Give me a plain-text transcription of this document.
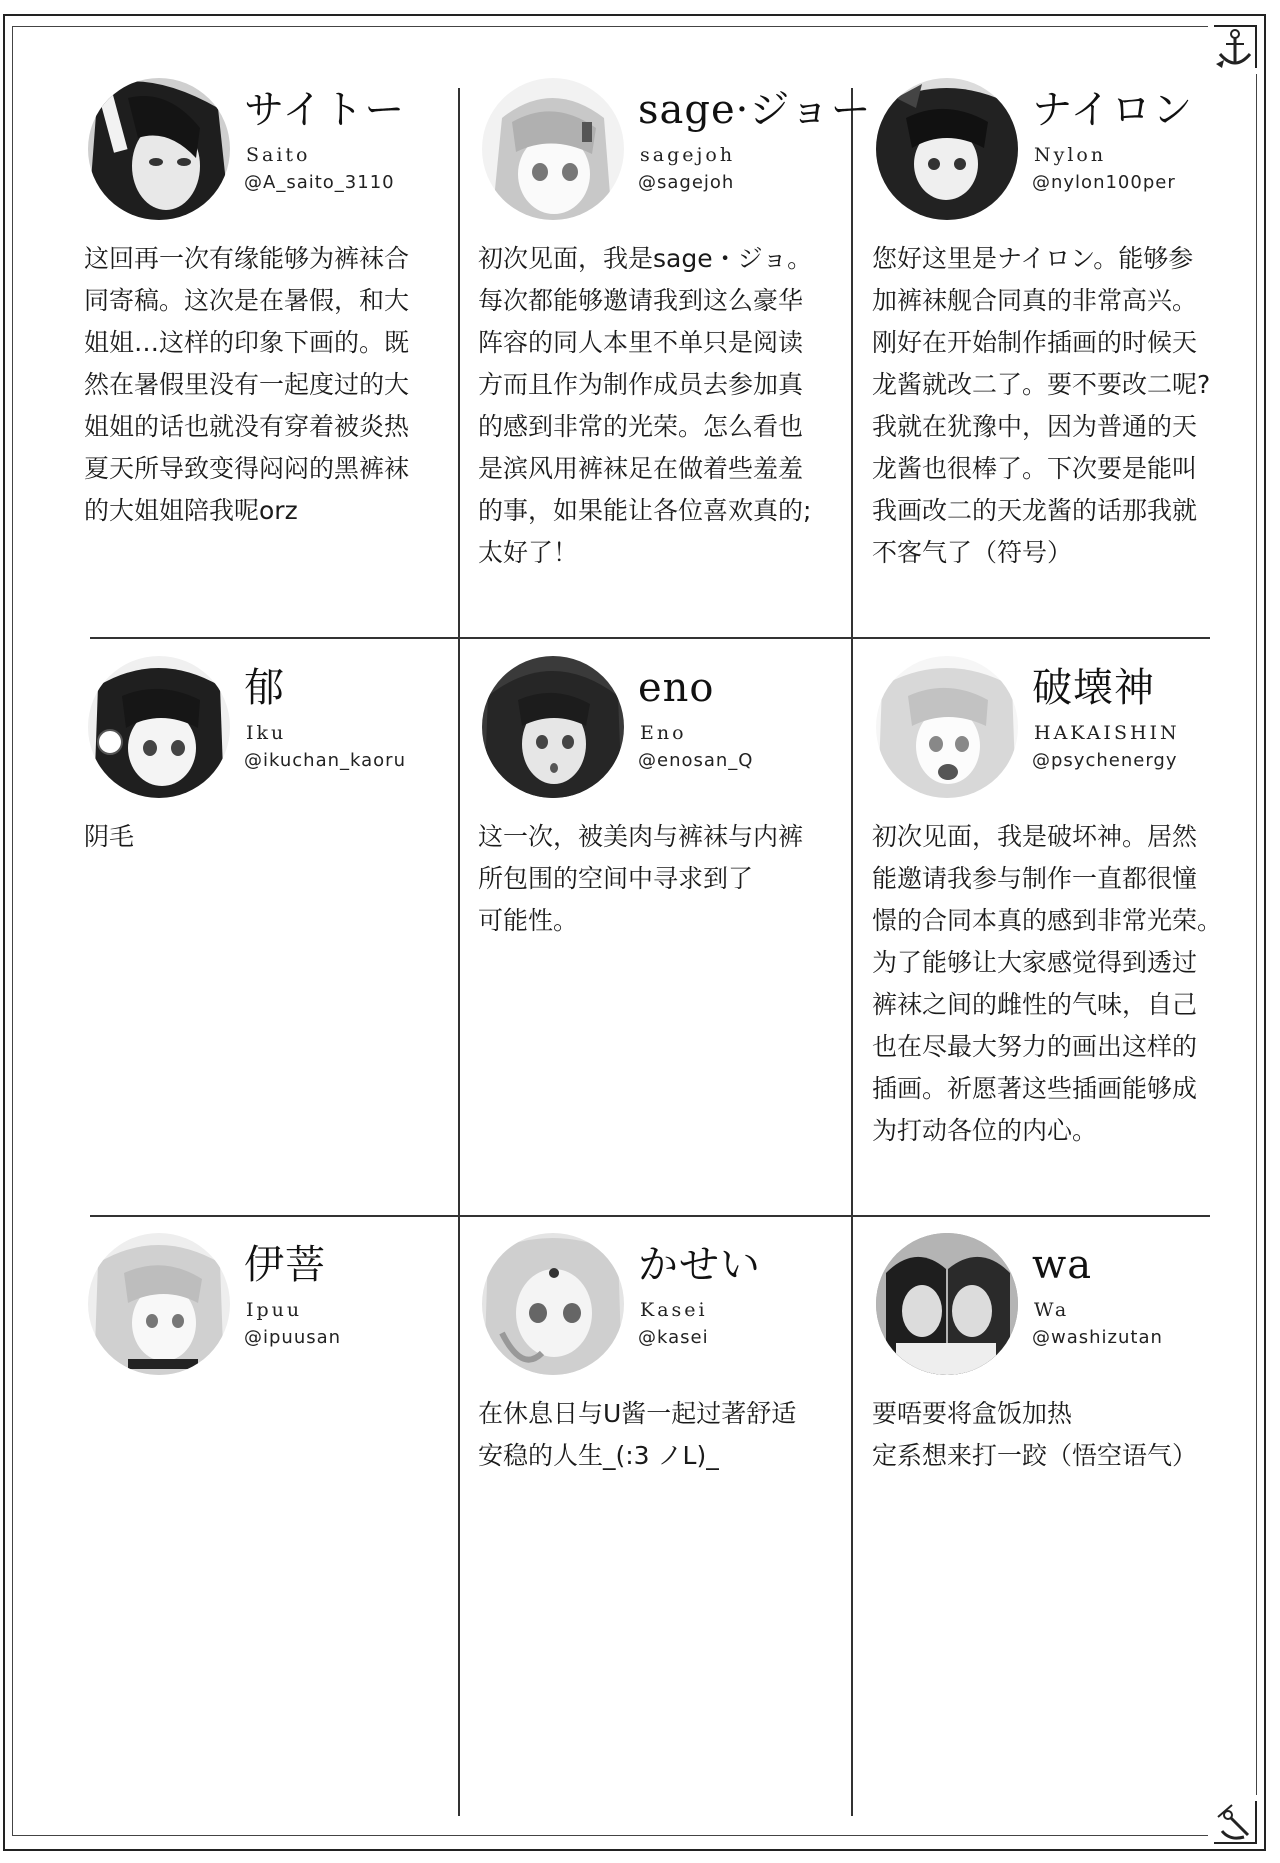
サイトー
Saito
@A_saito_3110

这回再一次有缘能够为裤袜合

同寄稿。这次是在暑假，和大

姐姐…这样的印象下画的。既

然在暑假里没有一起度过的大

姐姐的话也就没有穿着被炎热

夏天所导致变得闷闷的黑裤袜

的大姐姐陪我呢orz

sage·ジョー
sagejoh
@sagejoh

初次见面，我是sage・ジョ。

每次都能够邀请我到这么豪华

阵容的同人本里不单只是阅读

方而且作为制作成员去参加真

的感到非常的光荣。怎么看也

是滨风用裤袜足在做着些羞羞

的事，如果能让各位喜欢真的;

太好了！

ナイロン
Nylon
@nylon100per

您好这里是ナイロン。能够参

加裤袜舰合同真的非常高兴。

刚好在开始制作插画的时候天

龙酱就改二了。要不要改二呢?

我就在犹豫中，因为普通的天

龙酱也很棒了。下次要是能叫

我画改二的天龙酱的话那我就

不客气了（符号）

郁
Iku
@ikuchan_kaoru

阴毛

eno
Eno
@enosan_Q

这一次，被美肉与裤袜与内裤

所包围的空间中寻求到了

可能性。

破壊神
HAKAISHIN
@psychenergy

初次见面，我是破坏神。居然

能邀请我参与制作一直都很憧

憬的合同本真的感到非常光荣。

为了能够让大家感觉得到透过

裤袜之间的雌性的气味，自己

也在尽最大努力的画出这样的

插画。祈愿著这些插画能够成

为打动各位的内心。

伊菩
Ipuu
@ipuusan
かせい
Kasei
@kasei

在休息日与U酱一起过著舒适

安稳的人生_(:3 ノL)_

wa
Wa
@washizutan

要唔要将盒饭加热

定系想来打一跤（悟空语气）
